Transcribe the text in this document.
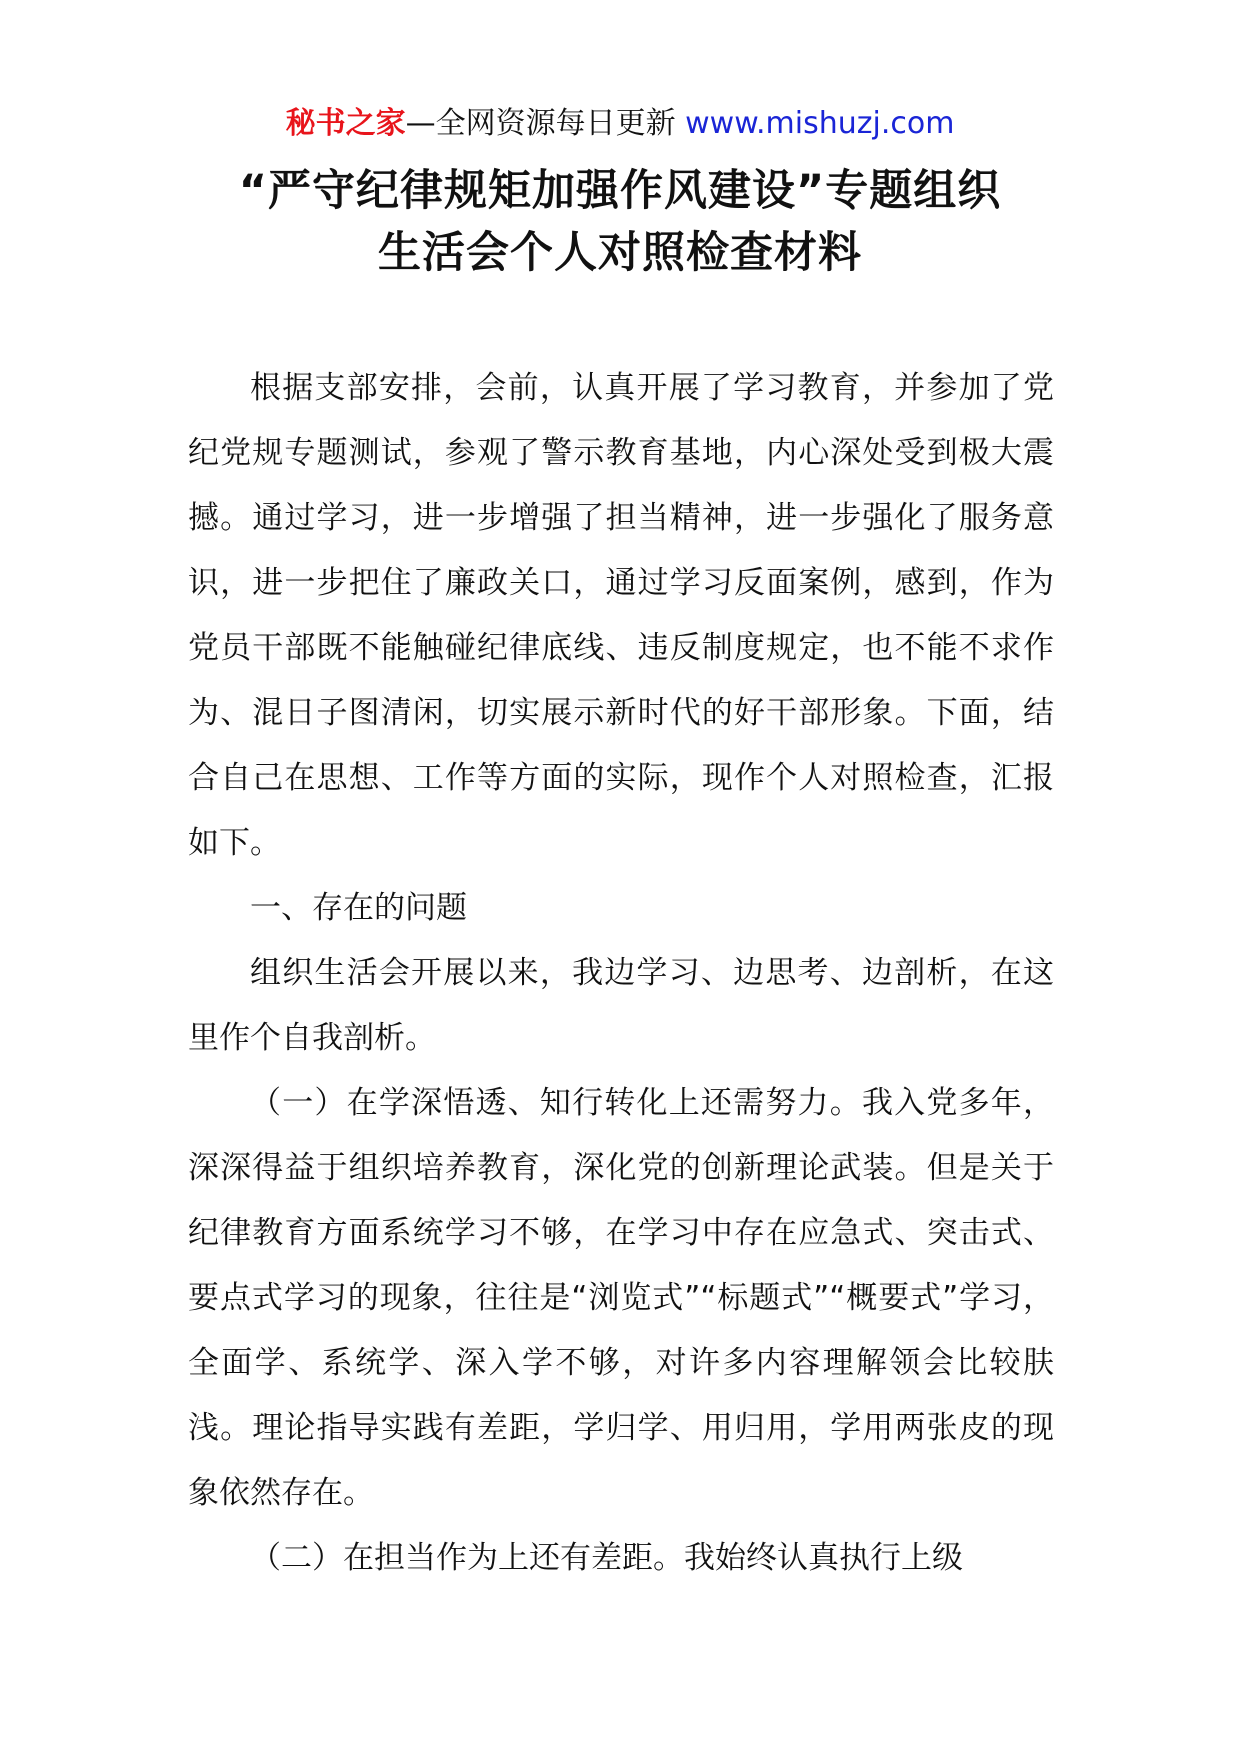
秘书之家—全网资源每日更新 www.mishuzj.com
“严守纪律规矩加强作风建设”专题组织
生活会个人对照检查材料

根据支部安排，会前，认真开展了学习教育，并参加了党纪党规专题测试，参观了警示教育基地，内心深处受到极大震撼。通过学习，进一步增强了担当精神，进一步强化了服务意识，进一步把住了廉政关口，通过学习反面案例，感到，作为党员干部既不能触碰纪律底线、违反制度规定，也不能不求作为、混日子图清闲，切实展示新时代的好干部形象。下面，结合自己在思想、工作等方面的实际，现作个人对照检查，汇报如下。

一、存在的问题

组织生活会开展以来，我边学习、边思考、边剖析，在这里作个自我剖析。

（一）在学深悟透、知行转化上还需努力。我入党多年，深深得益于组织培养教育，深化党的创新理论武装。但是关于纪律教育方面系统学习不够，在学习中存在应急式、突击式、要点式学习的现象，往往是“浏览式”“标题式”“概要式”学习，全面学、系统学、深入学不够，对许多内容理解领会比较肤浅。理论指导实践有差距，学归学、用归用，学用两张皮的现象依然存在。

（二）在担当作为上还有差距。我始终认真执行上级
